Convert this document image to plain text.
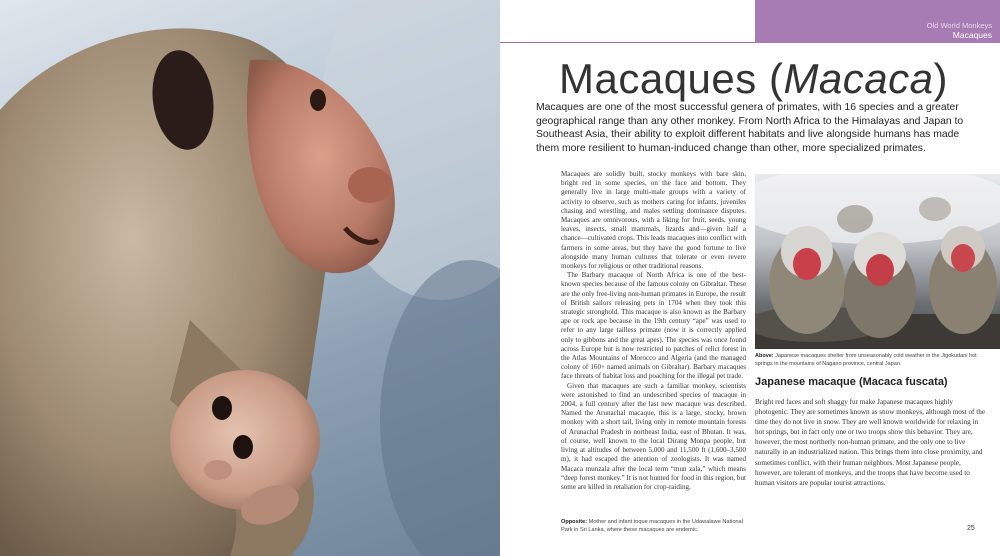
Old World Monkeys
Macaques
Macaques (Macaca)

Macaques are one of the most successful genera of primates, with 16 species and a greater geographical range than any other monkey. From North Africa to the Himalayas and Japan to Southeast Asia, their ability to exploit different habitats and live alongside humans has made them more resilient to human-induced change than other, more specialized primates.

Macaques are solidly built, stocky monkeys with bare skin, bright red in some species, on the face and bottom. They generally live in large multi-male groups with a variety of activity to observe, such as mothers caring for infants, juveniles chasing and wrestling, and males settling dominance disputes. Macaques are omnivorous, with a liking for fruit, seeds, young leaves, insects, small mammals, lizards and—given half a chance—cultivated crops. This leads macaques into conflict with farmers in some areas, but they have the good fortune to live alongside many human cultures that tolerate or even revere monkeys for religious or other traditional reasons.

The Barbary macaque of North Africa is one of the best-known species because of the famous colony on Gibraltar. These are the only free-living non-human primates in Europe, the result of British sailors releasing pets in 1704 when they took this strategic stronghold. This macaque is also known as the Barbary ape or rock ape because in the 19th century “ape” was used to refer to any large tailless primate (now it is correctly applied only to gibbons and the great apes). The species was once found across Europe but is now restricted to patches of relict forest in the Atlas Mountains of Morocco and Algeria (and the managed colony of 160+ named animals on Gibraltar). Barbary macaques face threats of habitat loss and poaching for the illegal pet trade.

Given that macaques are such a familiar monkey, scientists were astonished to find an undescribed species of macaque in 2004, a full century after the last new macaque was described. Named the Arunachal macaque, this is a large, stocky, brown monkey with a short tail, living only in remote mountain forests of Arunachal Pradesh in northeast India, east of Bhutan. It was, of course, well known to the local Dirang Monpa people, but living at altitudes of between 5,000 and 11,500 ft (1,600–3,500 m), it had escaped the attention of zoologists. It was named Macaca munzala after the local term “mun zala,” which means “deep forest monkey.” It is not hunted for food in this region, but some are killed in retaliation for crop-raiding.

Opposite: Mother and infant toque macaques in the Udawalawe National Park in Sri Lanka, where these macaques are endemic.

Above: Japanese macaques shelter from unseasonably cold weather in the Jigokudani hot springs in the mountains of Nagano province, central Japan.

Japanese macaque (Macaca fuscata)

Bright red faces and soft shaggy fur make Japanese macaques highly photogenic. They are sometimes known as snow monkeys, although most of the time they do not live in snow. They are well known worldwide for relaxing in hot springs, but in fact only one or two troops show this behavior. They are, however, the most northerly non-human primate, and the only one to live naturally in an industrialized nation. This brings them into close proximity, and sometimes conflict, with their human neighbors. Most Japanese people, however, are tolerant of monkeys, and the troops that have become used to human visitors are popular tourist attractions.

25
